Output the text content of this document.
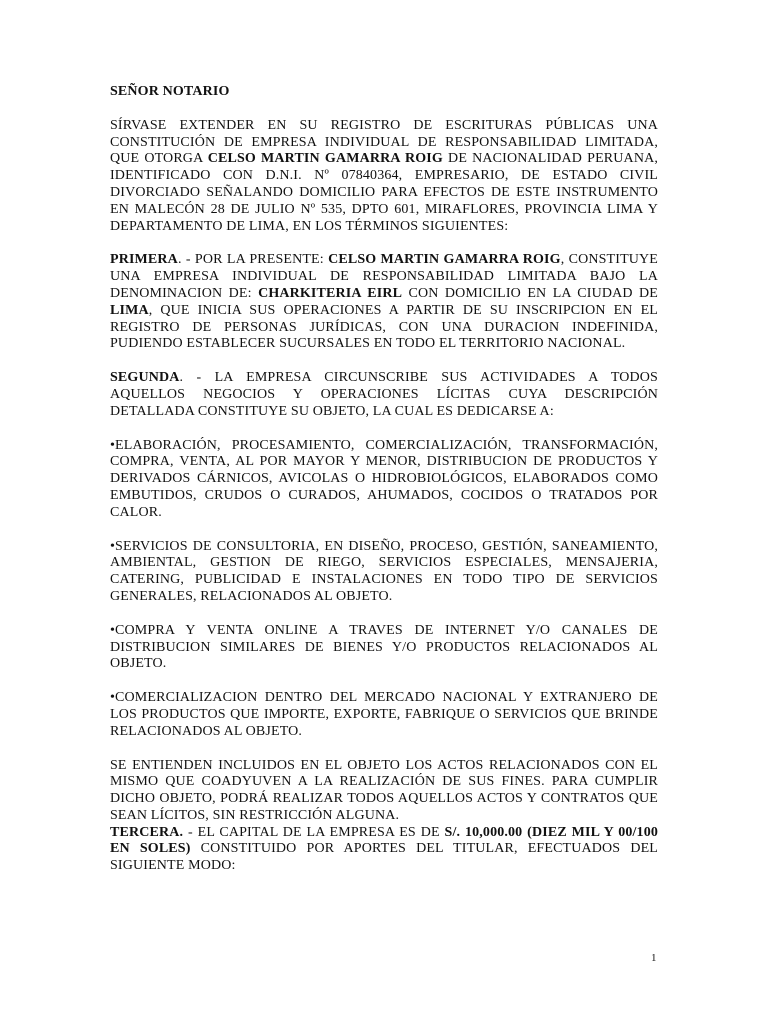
SEÑOR NOTARIO

SÍRVASE EXTENDER EN SU REGISTRO DE ESCRITURAS PÚBLICAS UNA CONSTITUCIÓN DE EMPRESA INDIVIDUAL DE RESPONSABILIDAD LIMITADA, QUE OTORGA CELSO MARTIN GAMARRA ROIG DE NACIONALIDAD PERUANA, IDENTIFICADO CON D.N.I. Nº 07840364, EMPRESARIO, DE ESTADO CIVIL DIVORCIADO SEÑALANDO DOMICILIO PARA EFECTOS DE ESTE INSTRUMENTO EN MALECÓN 28 DE JULIO Nº 535, DPTO 601, MIRAFLORES, PROVINCIA LIMA Y DEPARTAMENTO DE LIMA, EN LOS TÉRMINOS SIGUIENTES:

PRIMERA. - POR LA PRESENTE: CELSO MARTIN GAMARRA ROIG, CONSTITUYE UNA EMPRESA INDIVIDUAL DE RESPONSABILIDAD LIMITADA BAJO LA DENOMINACION DE: CHARKITERIA EIRL CON DOMICILIO EN LA CIUDAD DE LIMA, QUE INICIA SUS OPERACIONES A PARTIR DE SU INSCRIPCION EN EL REGISTRO DE PERSONAS JURÍDICAS, CON UNA DURACION INDEFINIDA, PUDIENDO ESTABLECER SUCURSALES EN TODO EL TERRITORIO NACIONAL.

SEGUNDA. - LA EMPRESA CIRCUNSCRIBE SUS ACTIVIDADES A TODOS AQUELLOS NEGOCIOS Y OPERACIONES LÍCITAS CUYA DESCRIPCIÓN DETALLADA CONSTITUYE SU OBJETO, LA CUAL ES DEDICARSE A:

•ELABORACIÓN, PROCESAMIENTO, COMERCIALIZACIÓN, TRANSFORMACIÓN, COMPRA, VENTA, AL POR MAYOR Y MENOR, DISTRIBUCION DE PRODUCTOS Y DERIVADOS CÁRNICOS, AVICOLAS O HIDROBIOLÓGICOS, ELABORADOS COMO EMBUTIDOS, CRUDOS O CURADOS, AHUMADOS, COCIDOS O TRATADOS POR CALOR.

•SERVICIOS DE CONSULTORIA, EN DISEÑO, PROCESO, GESTIÓN, SANEAMIENTO, AMBIENTAL, GESTION DE RIEGO, SERVICIOS ESPECIALES, MENSAJERIA, CATERING, PUBLICIDAD E INSTALACIONES EN TODO TIPO DE SERVICIOS GENERALES, RELACIONADOS AL OBJETO.

•COMPRA Y VENTA ONLINE A TRAVES DE INTERNET Y/O CANALES DE DISTRIBUCION SIMILARES DE BIENES Y/O PRODUCTOS RELACIONADOS AL OBJETO.

•COMERCIALIZACION DENTRO DEL MERCADO NACIONAL Y EXTRANJERO DE LOS PRODUCTOS QUE IMPORTE, EXPORTE, FABRIQUE O SERVICIOS QUE BRINDE RELACIONADOS AL OBJETO.

SE ENTIENDEN INCLUIDOS EN EL OBJETO LOS ACTOS RELACIONADOS CON EL MISMO QUE COADYUVEN A LA REALIZACIÓN DE SUS FINES. PARA CUMPLIR DICHO OBJETO, PODRÁ REALIZAR TODOS AQUELLOS ACTOS Y CONTRATOS QUE SEAN LÍCITOS, SIN RESTRICCIÓN ALGUNA.

TERCERA. - EL CAPITAL DE LA EMPRESA ES DE S/. 10,000.00 (DIEZ MIL Y 00/100 EN SOLES) CONSTITUIDO POR APORTES DEL TITULAR, EFECTUADOS DEL SIGUIENTE MODO:

1
